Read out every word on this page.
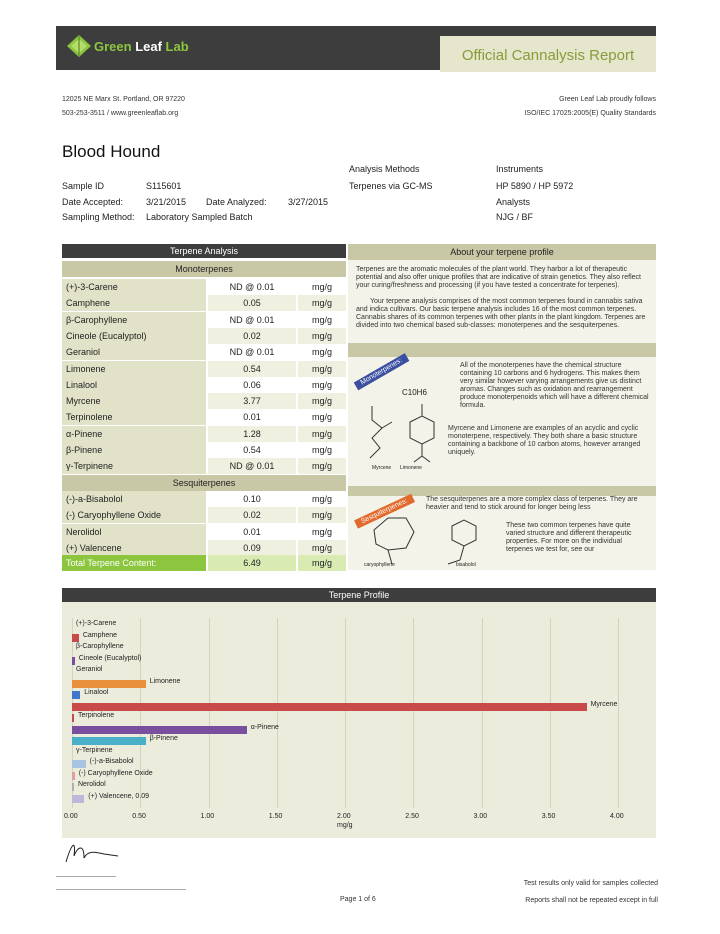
Official Cannalysis Report
Green Leaf Lab
12025 NE Marx St. Portland, OR 97220
503-253-3511 / www.greenleaflab.org
Green Leaf Lab proudly follows
ISO/IEC 17025:2005(E) Quality Standards
Blood Hound
Sample ID	S115601
Date Accepted:	3/21/2015 Date Analyzed: 3/27/2015
Sampling Method: Laboratory Sampled Batch
Analysis Methods
Terpenes via GC-MS
Instruments
HP 5890 / HP 5972
Analysts
NJG / BF
Terpene Analysis
Monoterpenes
(+)-3-Carene	ND @ 0.01	mg/g
Camphene	0.05	mg/g
β-Carophyllene	ND @ 0.01	mg/g
Cineole (Eucalyptol)	0.02	mg/g
Geraniol	ND @ 0.01	mg/g
Limonene	0.54	mg/g
Linalool	0.06	mg/g
Myrcene	3.77	mg/g
Terpinolene	0.01	mg/g
α-Pinene	1.28	mg/g
β-Pinene	0.54	mg/g
γ-Terpinene	ND @ 0.01	mg/g
Sesquiterpenes
(-)-a-Bisabolol	0.10	mg/g
(-) Caryophyllene Oxide	0.02	mg/g
Nerolidol	0.01	mg/g
(+) Valencene	0.09	mg/g
Total Terpene Content:	6.49	mg/g
About your terpene profile
Terpenes are the aromatic molecules of the plant world. They harbor a lot of therapeutic potential and also offer unique profiles that are indicative of strain genetics. They also reflect your curing/freshness and processing (if you have tested a concentrate for terpenes).
Your terpene analysis comprises of the most common terpenes found in cannabis sativa and indica cultivars. Our basic terpene analysis includes 16 of the most common terpenes. Cannabis shares of its common terpenes with other plants in the plant kingdom. Terpenes are divided into two chemical based sub-classes: monoterpenes and the sesquiterpenes.
Monoterpenes:	All of the monoterpenes have the chemical structure containing 10 carbons and 6 hydrogens. This makes them very similar however varying arrangements give us distinct aromas. Changes such as oxidation and rearrangement produce monoterpenoids which will have a different chemical formula.
Myrcene and Limonene are examples of an acyclic and cyclic monoterpene, respectively. They both share a basic structure containing a backbone of 10 carbon atoms, however arranged uniquely.
C10H6
Myrcene Limonene
Sesquiterpenes:	The sesquiterpenes are a more complex class of terpenes. They are heavier and tend to stick around for longer being less
These two common terpenes have quite varied structure and different therapeutic properties. For more on the individual terpenes we test for, see our
caryophyllene	bisabolol
Terpene Profile
mg/g
Page 1 of 6
Test results only valid for samples collected
Reports shall not be repeated except in full
(+)-3-Carene
Camphene
β-Carophyllene
Cineole (Eucalyptol)
Geraniol
Limonene
Linalool
Myrcene
Terpinolene
α-Pinene
β-Pinene
γ-Terpinene
(-)-a-Bisabolol
(-) Caryophyllene Oxide
Nerolidol
(+) Valencene, 0.09
0.00	0.50	1.00	1.50	2.00	2.50	3.00	3.50	4.00
